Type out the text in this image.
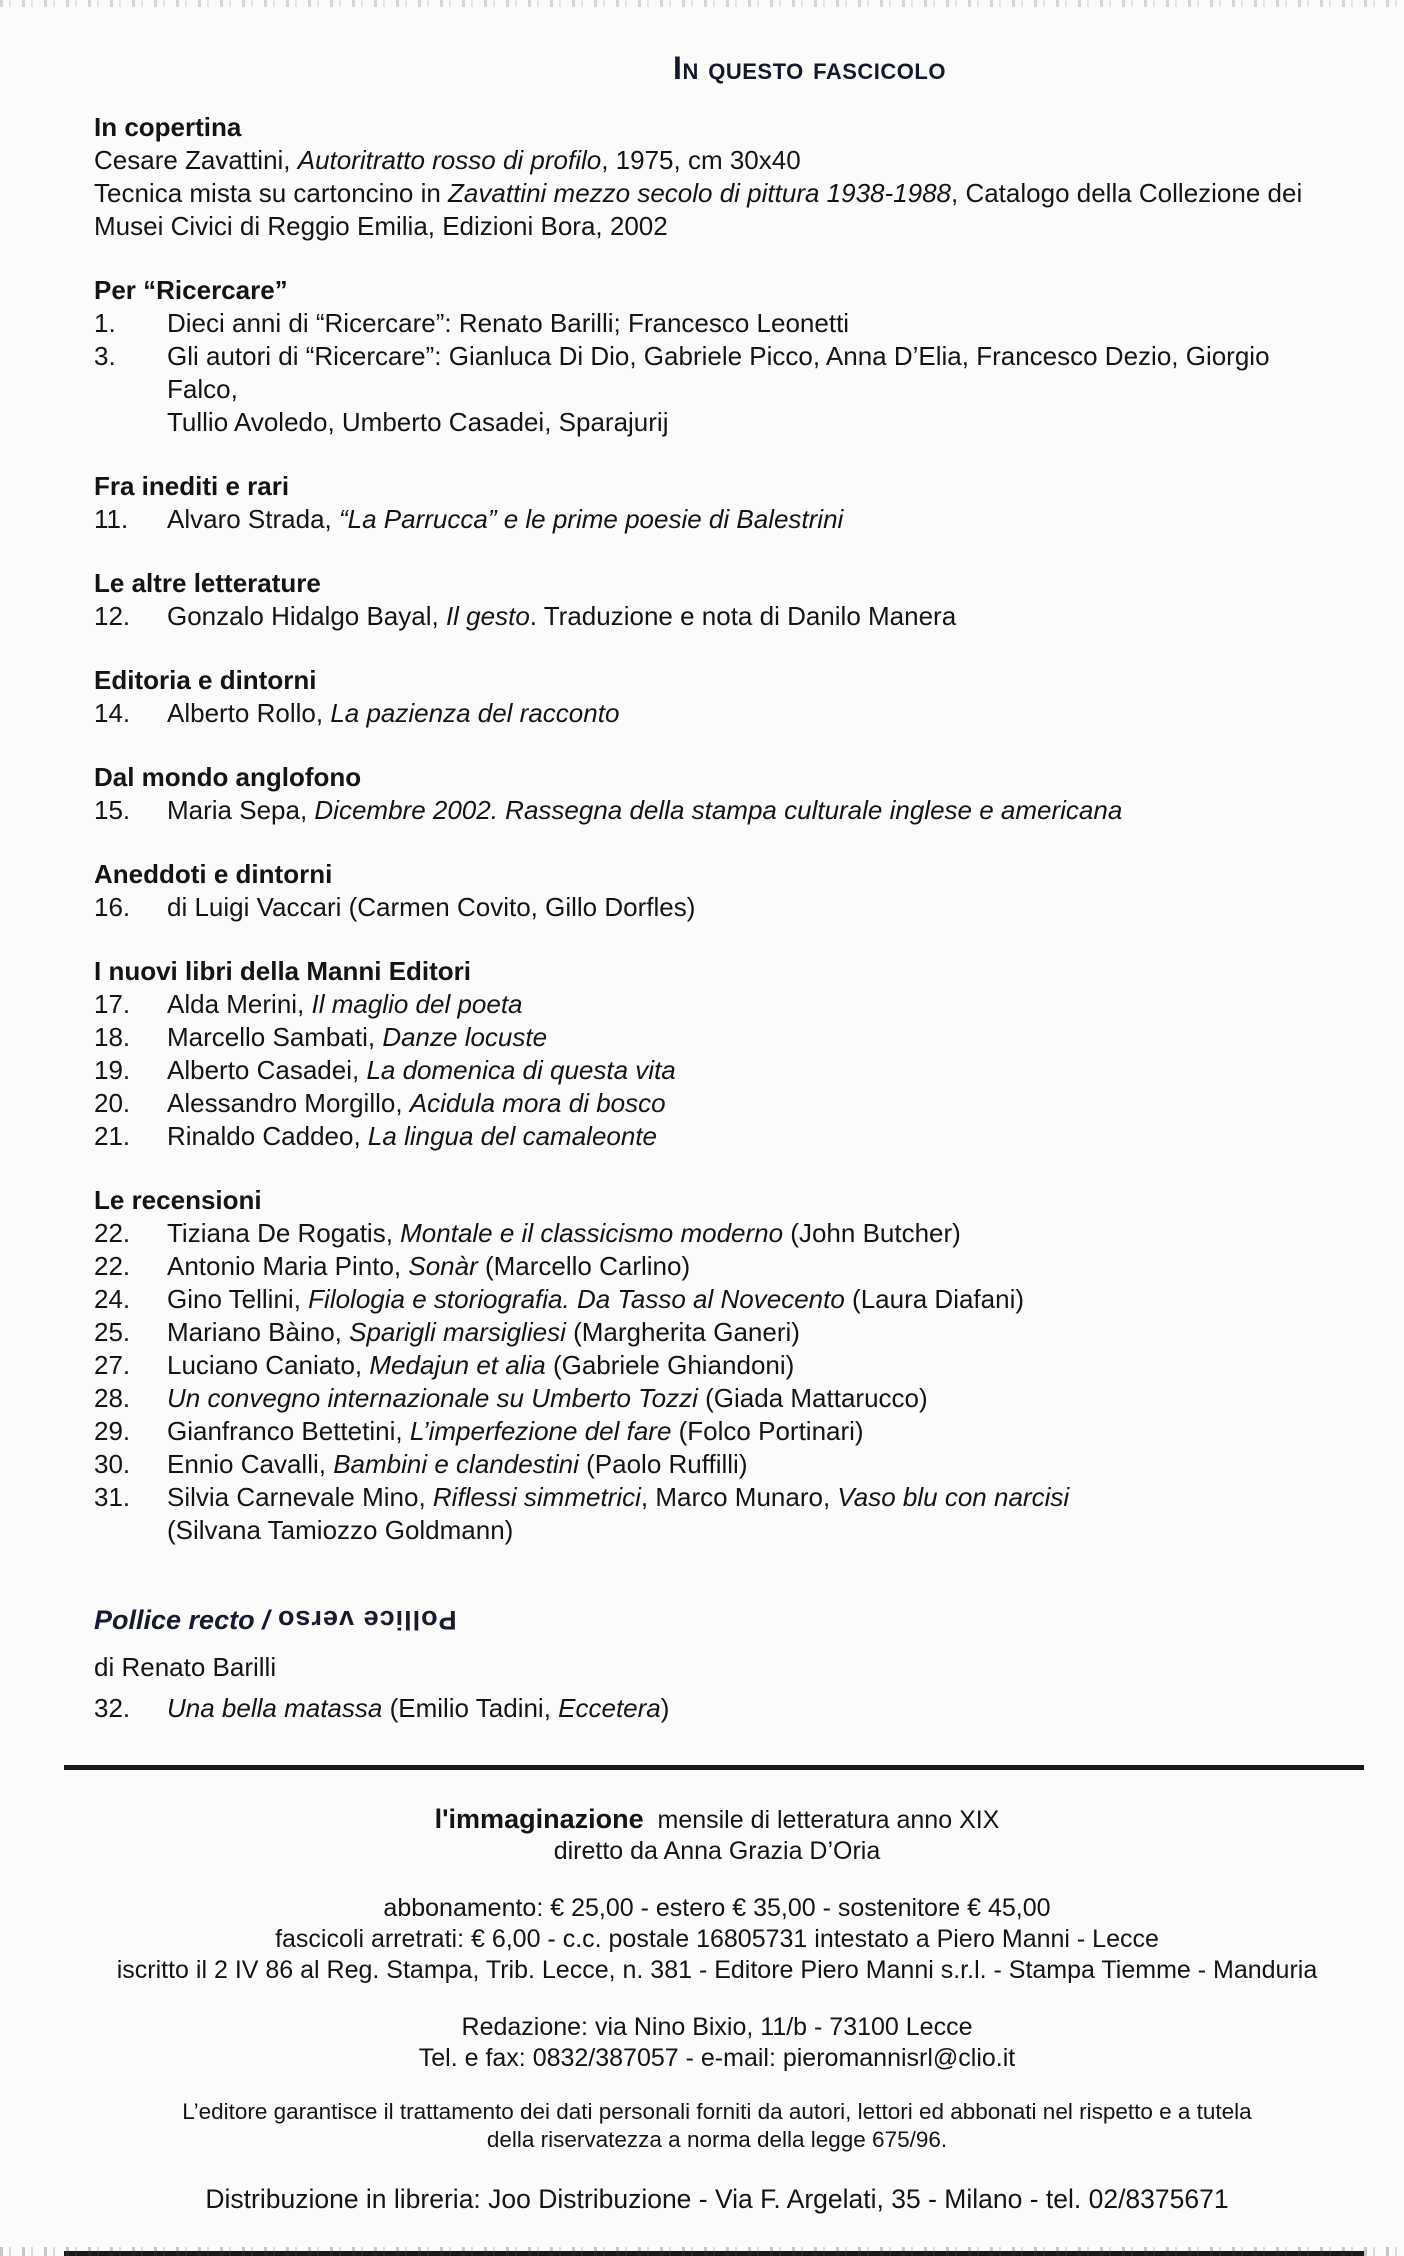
In questo fascicolo
In copertina

Cesare Zavattini, Autoritratto rosso di profilo, 1975, cm 30x40

Tecnica mista su cartoncino in Zavattini mezzo secolo di pittura 1938-1988, Catalogo della Collezione dei
Musei Civici di Reggio Emilia, Edizioni Bora, 2002

Per “Ricercare”
1.	Dieci anni di “Ricercare”: Renato Barilli; Francesco Leonetti
3.	Gli autori di “Ricercare”: Gianluca Di Dio, Gabriele Picco, Anna D’Elia, Francesco Dezio, Giorgio Falco,
Tullio Avoledo, Umberto Casadei, Sparajurij
Fra inediti e rari
11.	Alvaro Strada, “La Parrucca” e le prime poesie di Balestrini
Le altre letterature
12.	Gonzalo Hidalgo Bayal, Il gesto. Traduzione e nota di Danilo Manera
Editoria e dintorni
14.	Alberto Rollo, La pazienza del racconto
Dal mondo anglofono
15.	Maria Sepa, Dicembre 2002. Rassegna della stampa culturale inglese e americana
Aneddoti e dintorni
16.	di Luigi Vaccari (Carmen Covito, Gillo Dorfles)
I nuovi libri della Manni Editori
17.	Alda Merini, Il maglio del poeta
18.	Marcello Sambati, Danze locuste
19.	Alberto Casadei, La domenica di questa vita
20.	Alessandro Morgillo, Acidula mora di bosco
21.	Rinaldo Caddeo, La lingua del camaleonte
Le recensioni
22.	Tiziana De Rogatis, Montale e il classicismo moderno (John Butcher)
22.	Antonio Maria Pinto, Sonàr (Marcello Carlino)
24.	Gino Tellini, Filologia e storiografia. Da Tasso al Novecento (Laura Diafani)
25.	Mariano Bàino, Sparigli marsigliesi (Margherita Ganeri)
27.	Luciano Caniato, Medajun et alia (Gabriele Ghiandoni)
28.	Un convegno internazionale su Umberto Tozzi (Giada Mattarucco)
29.	Gianfranco Bettetini, L’imperfezione del fare (Folco Portinari)
30.	Ennio Cavalli, Bambini e clandestini (Paolo Ruffilli)
31.	Silvia Carnevale Mino, Riflessi simmetrici, Marco Munaro, Vaso blu con narcisi
(Silvana Tamiozzo Goldmann)
Pollice recto / Pollice verso

di Renato Barilli

32.	Una bella matassa (Emilio Tadini, Eccetera)
l'immaginazione mensile di letteratura anno XIX
diretto da Anna Grazia D’Oria
abbonamento: € 25,00 - estero € 35,00 - sostenitore € 45,00
fascicoli arretrati: € 6,00 - c.c. postale 16805731 intestato a Piero Manni - Lecce
iscritto il 2 IV 86 al Reg. Stampa, Trib. Lecce, n. 381 - Editore Piero Manni s.r.l. - Stampa Tiemme - Manduria
Redazione: via Nino Bixio, 11/b - 73100 Lecce
Tel. e fax: 0832/387057 - e-mail: pieromannisrl@clio.it

L’editore garantisce il trattamento dei dati personali forniti da autori, lettori ed abbonati nel rispetto e a tutela della riservatezza a norma della legge 675/96.

Distribuzione in libreria: Joo Distribuzione - Via F. Argelati, 35 - Milano - tel. 02/8375671
